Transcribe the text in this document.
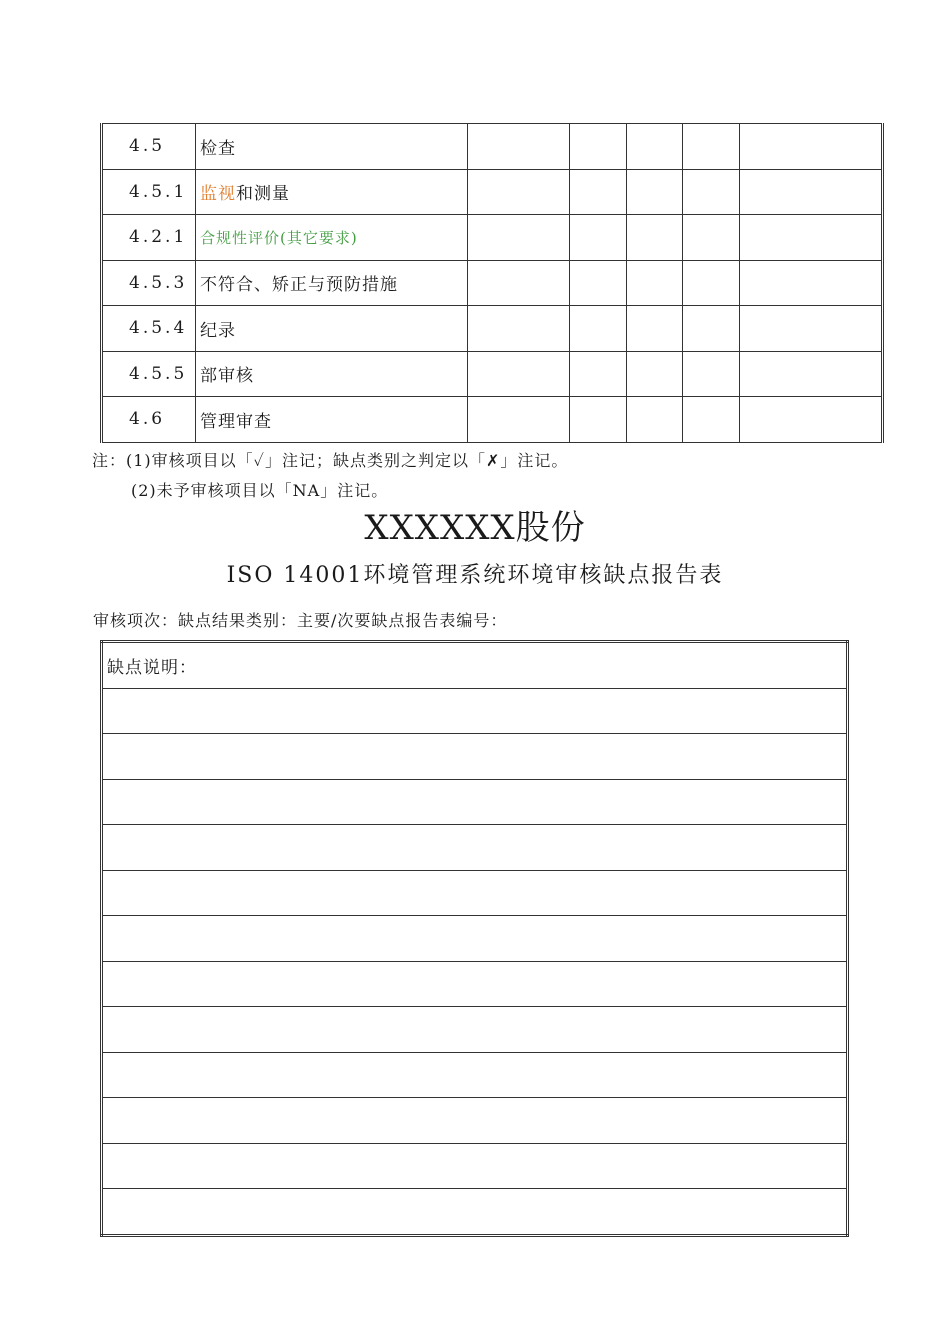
4.5	检查					
4.5.1	监视和测量					
4.2.1	合规性评价(其它要求)					
4.5.3	不符合、矫正与预防措施					
4.5.4	纪录					
4.5.5	部审核					
4.6	管理审查					
注：(1)审核项目以「✓」注记；缺点类别之判定以「✗」注记。
(2)未予审核项目以「NA」注记。
XXXXXX股份
ISO 14001环境管理系统环境审核缺点报告表
审核项次：缺点结果类别：主要/次要缺点报告表编号：
缺点说明：
